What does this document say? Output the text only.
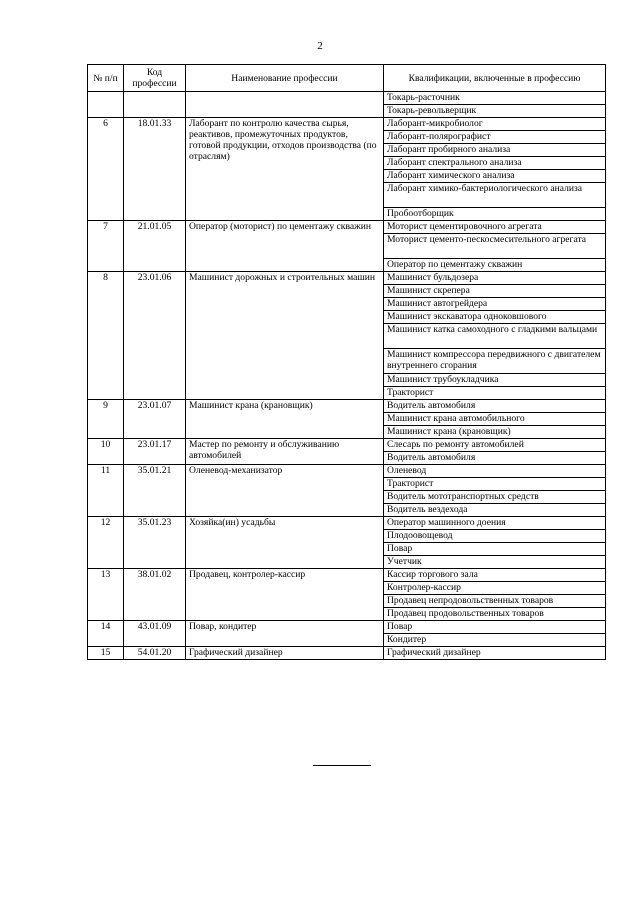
2
№ п/п	Код профессии	Наименование профессии	Квалификации, включенные в профессию
			Токарь-расточник
			Токарь-револьверщик
6	18.01.33	Лаборант по контролю качества сырья, реактивов, промежуточных продуктов, готовой продукции, отходов производства (по отраслям)	Лаборант-микробиолог
			Лаборант-полярографист
			Лаборант пробирного анализа
			Лаборант спектрального анализа
			Лаборант химического анализа
			Лаборант химико-бактериологического анализа
			Пробоотборщик
7	21.01.05	Оператор (моторист) по цементажу скважин	Моторист цементировочного агрегата
			Моторист цементо-пескосмесительного агрегата
			Оператор по цементажу скважин
8	23.01.06	Машинист дорожных и строительных машин	Машинист бульдозера
			Машинист скрепера
			Машинист автогрейдера
			Машинист экскаватора одноковшового
			Машинист катка самоходного с гладкими вальцами
			Машинист компрессора передвижного с двигателем внутреннего сгорания
			Машинист трубоукладчика
			Тракторист
9	23.01.07	Машинист крана (крановщик)	Водитель автомобиля
			Машинист крана автомобильного
			Машинист крана (крановщик)
10	23.01.17	Мастер по ремонту и обслуживанию автомобилей	Слесарь по ремонту автомобилей
			Водитель автомобиля
11	35.01.21	Оленевод-механизатор	Оленевод
			Тракторист
			Водитель мототранспортных средств
			Водитель вездехода
12	35.01.23	Хозяйка(ин) усадьбы	Оператор машинного доения
			Плодоовощевод
			Повар
			Учетчик
13	38.01.02	Продавец, контролер-кассир	Кассир торгового зала
			Контролер-кассир
			Продавец непродовольственных товаров
			Продавец продовольственных товаров
14	43.01.09	Повар, кондитер	Повар
			Кондитер
15	54.01.20	Графический дизайнер	Графический дизайнер
